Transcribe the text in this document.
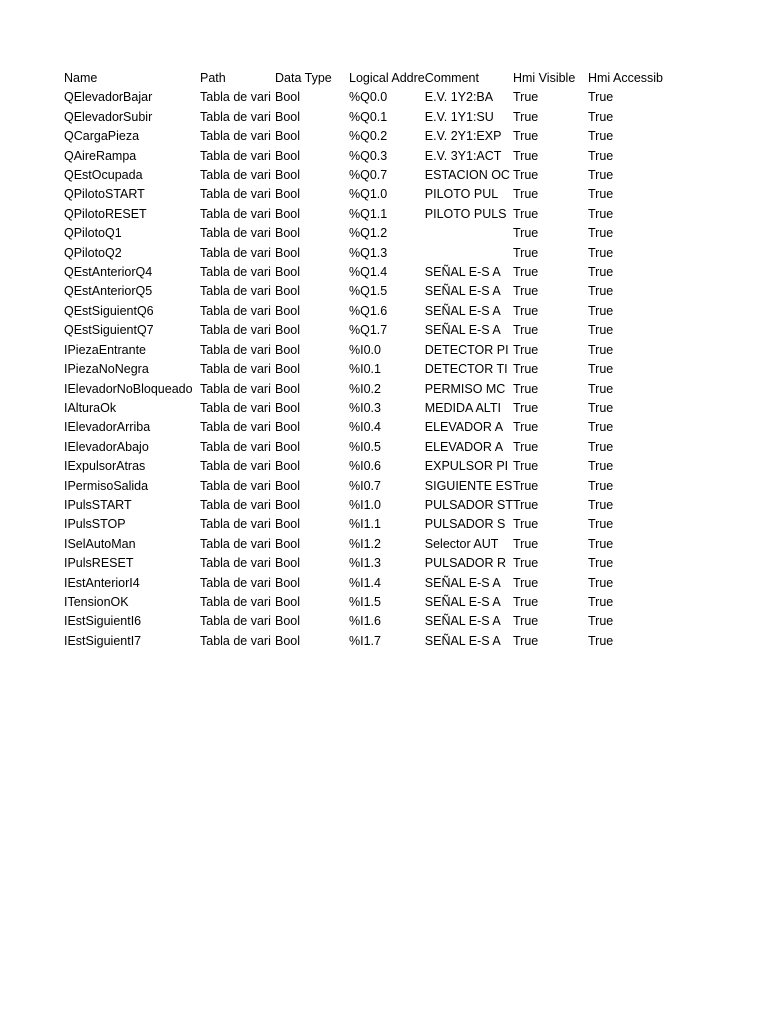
Name	Path	Data Type	Logical Addre	Comment	Hmi Visible	Hmi Accessib
QElevadorBajar	Tabla de vari	Bool	%Q0.0	E.V. 1Y2:BA	True	True
QElevadorSubir	Tabla de vari	Bool	%Q0.1	E.V. 1Y1:SU	True	True
QCargaPieza	Tabla de vari	Bool	%Q0.2	E.V. 2Y1:EXP	True	True
QAireRampa	Tabla de vari	Bool	%Q0.3	E.V. 3Y1:ACT	True	True
QEstOcupada	Tabla de vari	Bool	%Q0.7	ESTACION OC	True	True
QPilotoSTART	Tabla de vari	Bool	%Q1.0	PILOTO PUL	True	True
QPilotoRESET	Tabla de vari	Bool	%Q1.1	PILOTO PULS	True	True
QPilotoQ1	Tabla de vari	Bool	%Q1.2		True	True
QPilotoQ2	Tabla de vari	Bool	%Q1.3		True	True
QEstAnteriorQ4	Tabla de vari	Bool	%Q1.4	SEÑAL E-S A	True	True
QEstAnteriorQ5	Tabla de vari	Bool	%Q1.5	SEÑAL E-S A	True	True
QEstSiguientQ6	Tabla de vari	Bool	%Q1.6	SEÑAL E-S A	True	True
QEstSiguientQ7	Tabla de vari	Bool	%Q1.7	SEÑAL E-S A	True	True
IPiezaEntrante	Tabla de vari	Bool	%I0.0	DETECTOR PI	True	True
IPiezaNoNegra	Tabla de vari	Bool	%I0.1	DETECTOR TI	True	True
IElevadorNoBloqueado	Tabla de vari	Bool	%I0.2	PERMISO MC	True	True
IAlturaOk	Tabla de vari	Bool	%I0.3	MEDIDA ALTI	True	True
IElevadorArriba	Tabla de vari	Bool	%I0.4	ELEVADOR A	True	True
IElevadorAbajo	Tabla de vari	Bool	%I0.5	ELEVADOR A	True	True
IExpulsorAtras	Tabla de vari	Bool	%I0.6	EXPULSOR PI	True	True
IPermisoSalida	Tabla de vari	Bool	%I0.7	SIGUIENTE ES	True	True
IPulsSTART	Tabla de vari	Bool	%I1.0	PULSADOR ST	True	True
IPulsSTOP	Tabla de vari	Bool	%I1.1	PULSADOR S	True	True
ISelAutoMan	Tabla de vari	Bool	%I1.2	Selector AUT	True	True
IPulsRESET	Tabla de vari	Bool	%I1.3	PULSADOR R	True	True
IEstAnteriorI4	Tabla de vari	Bool	%I1.4	SEÑAL E-S A	True	True
ITensionOK	Tabla de vari	Bool	%I1.5	SEÑAL E-S A	True	True
IEstSiguientI6	Tabla de vari	Bool	%I1.6	SEÑAL E-S A	True	True
IEstSiguientI7	Tabla de vari	Bool	%I1.7	SEÑAL E-S A	True	True
